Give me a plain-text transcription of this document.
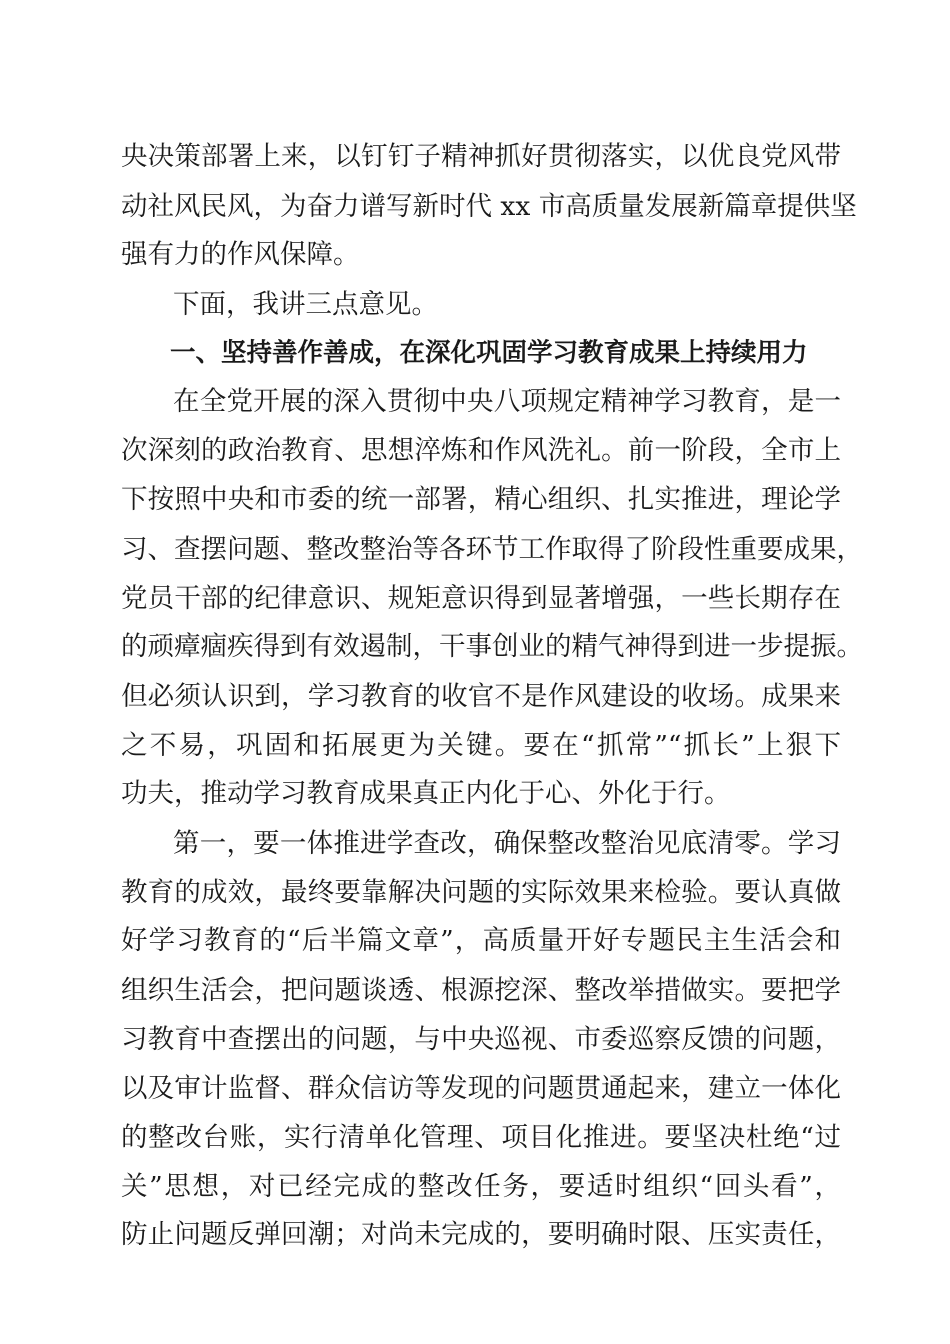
央决策部署上来，以钉钉子精神抓好贯彻落实，以优良党风带
动社风民风，为奋力谱写新时代 xx 市高质量发展新篇章提供坚
强有力的作风保障。
下面，我讲三点意见。
一、坚持善作善成，在深化巩固学习教育成果上持续用力
在全党开展的深入贯彻中央八项规定精神学习教育，是一
次深刻的政治教育、思想淬炼和作风洗礼。前一阶段，全市上
下按照中央和市委的统一部署，精心组织、扎实推进，理论学
习、查摆问题、整改整治等各环节工作取得了阶段性重要成果，
党员干部的纪律意识、规矩意识得到显著增强，一些长期存在
的顽瘴痼疾得到有效遏制，干事创业的精气神得到进一步提振。
但必须认识到，学习教育的收官不是作风建设的收场。成果来
之不易，巩固和拓展更为关键。要在“抓常”“抓长”上狠下
功夫，推动学习教育成果真正内化于心、外化于行。
第一，要一体推进学查改，确保整改整治见底清零。学习
教育的成效，最终要靠解决问题的实际效果来检验。要认真做
好学习教育的“后半篇文章”，高质量开好专题民主生活会和
组织生活会，把问题谈透、根源挖深、整改举措做实。要把学
习教育中查摆出的问题，与中央巡视、市委巡察反馈的问题，
以及审计监督、群众信访等发现的问题贯通起来，建立一体化
的整改台账，实行清单化管理、项目化推进。要坚决杜绝“过
关”思想，对已经完成的整改任务，要适时组织“回头看”，
防止问题反弹回潮；对尚未完成的，要明确时限、压实责任，
